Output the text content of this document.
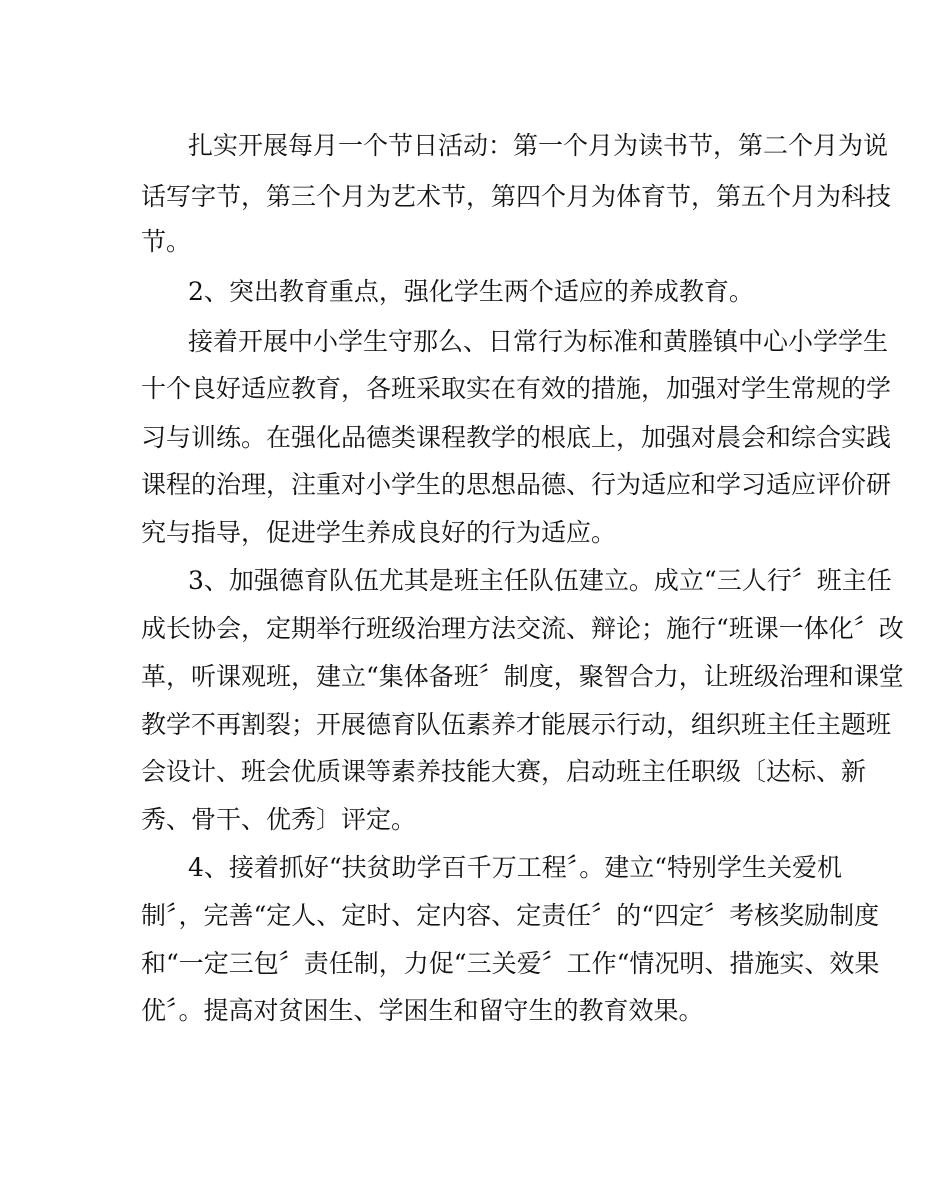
扎实开展每月一个节日活动：第一个月为读书节，第二个月为说
话写字节，第三个月为艺术节，第四个月为体育节，第五个月为科技
节。
2、突出教育重点，强化学生两个适应的养成教育。
接着开展中小学生守那么、日常行为标准和黄塍镇中心小学学生
十个良好适应教育，各班采取实在有效的措施，加强对学生常规的学
习与训练。在强化品德类课程教学的根底上，加强对晨会和综合实践
课程的治理，注重对小学生的思想品德、行为适应和学习适应评价研
究与指导，促进学生养成良好的行为适应。
3、加强德育队伍尤其是班主任队伍建立。成立“三人行〞班主任
成长协会，定期举行班级治理方法交流、辩论；施行“班课一体化〞改
革，听课观班，建立“集体备班〞制度，聚智合力，让班级治理和课堂
教学不再割裂；开展德育队伍素养才能展示行动，组织班主任主题班
会设计、班会优质课等素养技能大赛，启动班主任职级〔达标、新
秀、骨干、优秀〕评定。
4、接着抓好“扶贫助学百千万工程〞。建立“特别学生关爱机
制〞，完善“定人、定时、定内容、定责任〞的“四定〞考核奖励制度
和“一定三包〞责任制，力促“三关爱〞工作“情况明、措施实、效果
优〞。提高对贫困生、学困生和留守生的教育效果。
